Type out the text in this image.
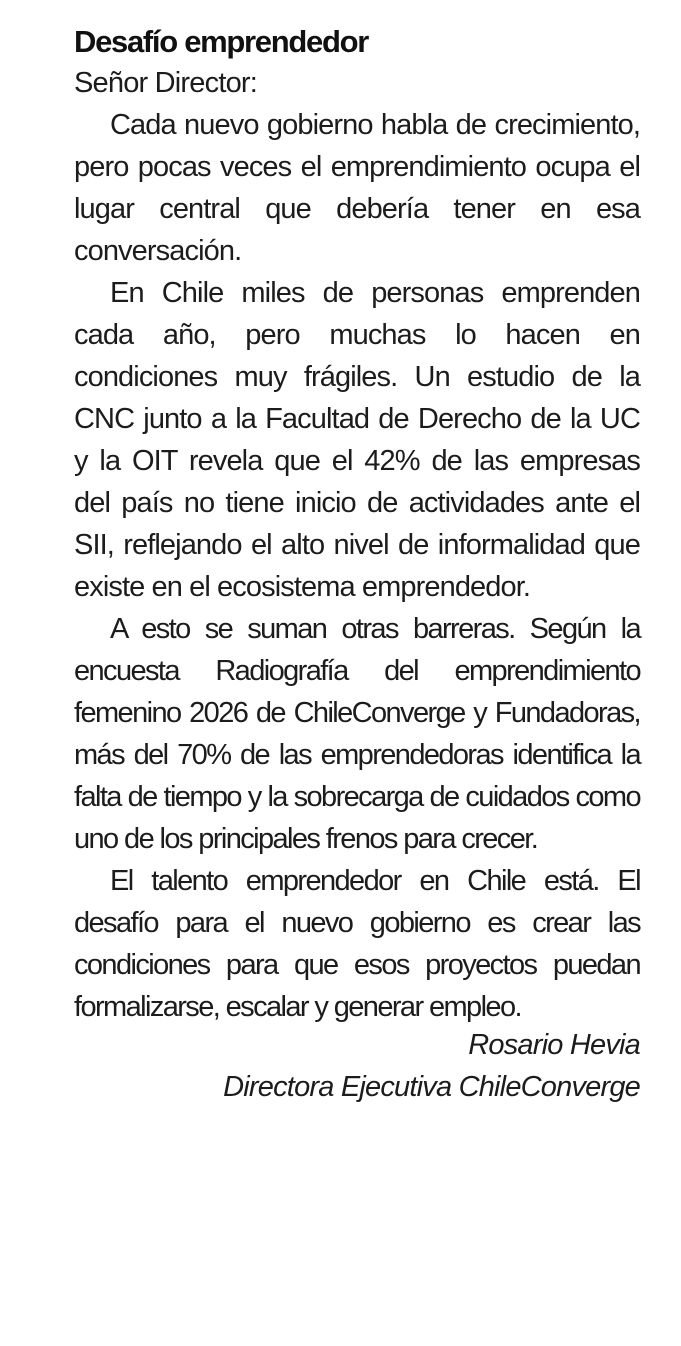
Desafío emprendedor
Señor Director:

Cada nuevo gobierno habla de crecimiento, pero pocas veces el emprendimiento ocupa el lugar central que debería tener en esa conversación.

En Chile miles de personas emprenden cada año, pero muchas lo hacen en condiciones muy frágiles. Un estudio de la CNC junto a la Facultad de Derecho de la UC y la OIT revela que el 42% de las empresas del país no tiene inicio de actividades ante el SII, reflejando el alto nivel de informalidad que existe en el ecosistema emprendedor.

A esto se suman otras barreras. Según la encuesta Radiografía del emprendimiento femenino 2026 de ChileConverge y Fundadoras, más del 70% de las emprendedoras identifica la falta de tiempo y la sobrecarga de cuidados como uno de los principales frenos para crecer.

El talento emprendedor en Chile está. El desafío para el nuevo gobierno es crear las condiciones para que esos proyectos puedan formalizarse, escalar y generar empleo.

Rosario Hevia
Directora Ejecutiva ChileConverge
